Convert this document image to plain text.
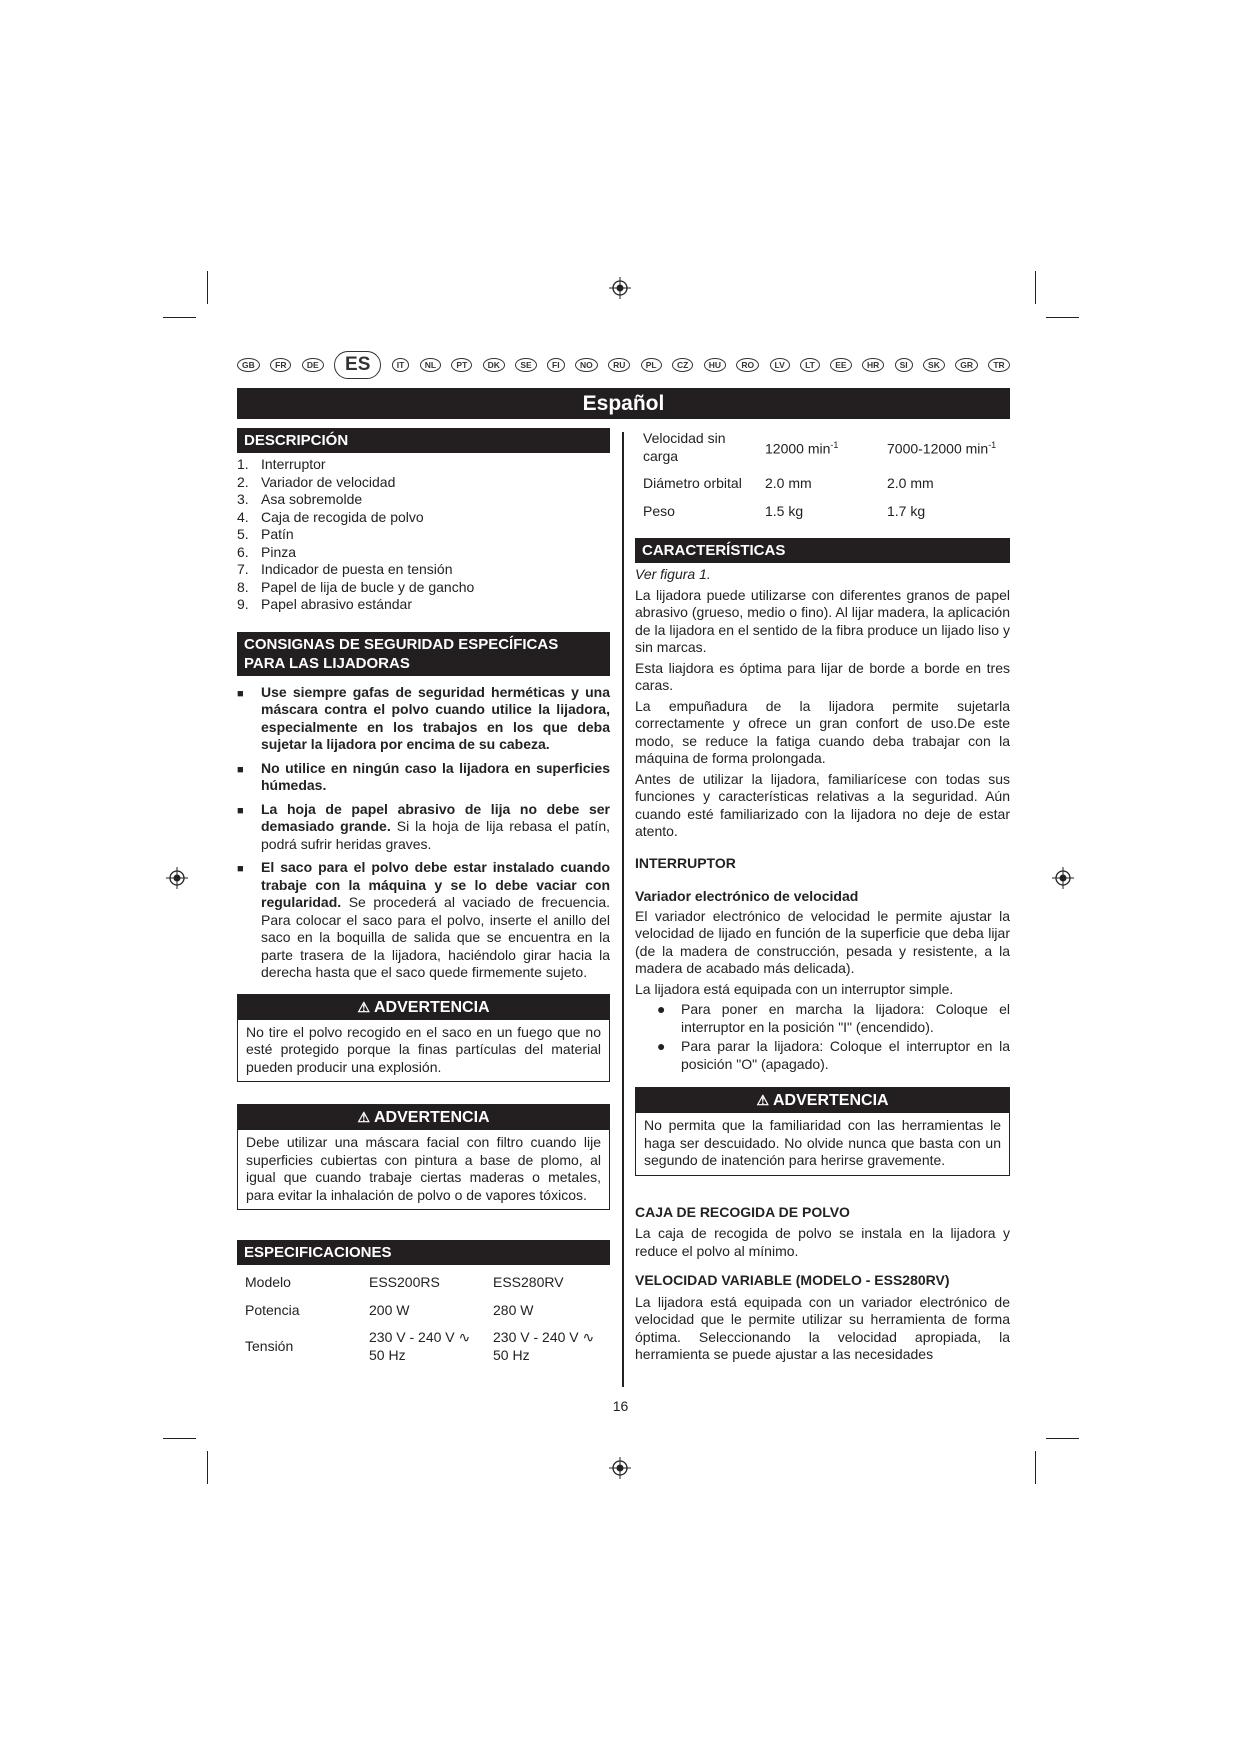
GB	FR	DE	ES	IT	NL	PT	DK	SE	FI	NO	RU	PL	CZ	HU	RO	LV	LT	EE	HR	SI	SK	GR	TR
Español
DESCRIPCIÓN
1. Interruptor
2. Variador de velocidad
3. Asa sobremolde
4. Caja de recogida de polvo
5. Patín
6. Pinza
7. Indicador de puesta en tensión
8. Papel de lija de bucle y de gancho
9. Papel abrasivo estándar
CONSIGNAS DE SEGURIDAD ESPECÍFICAS
PARA LAS LIJADORAS
■	Use siempre gafas de seguridad herméticas y una máscara contra el polvo cuando utilice la lijadora, especialmente en los trabajos en los que deba sujetar la lijadora por encima de su cabeza.
■	No utilice en ningún caso la lijadora en superficies húmedas.
■	La hoja de papel abrasivo de lija no debe ser demasiado grande. Si la hoja de lija rebasa el patín, podrá sufrir heridas graves.
■	El saco para el polvo debe estar instalado cuando trabaje con la máquina y se lo debe vaciar con regularidad. Se procederá al vaciado de frecuencia. Para colocar el saco para el polvo, inserte el anillo del saco en la boquilla de salida que se encuentra en la parte trasera de la lijadora, haciéndolo girar hacia la derecha hasta que el saco quede firmemente sujeto.
⚠ ADVERTENCIA
No tire el polvo recogido en el saco en un fuego que no esté protegido porque la finas partículas del material pueden producir una explosión.
⚠ ADVERTENCIA
Debe utilizar una máscara facial con filtro cuando lije superficies cubiertas con pintura a base de plomo, al igual que cuando trabaje ciertas maderas o metales, para evitar la inhalación de polvo o de vapores tóxicos.
ESPECIFICACIONES
Modelo	ESS200RS	ESS280RV
Potencia	200 W	280 W
Tensión	230 V - 240 V ∿ 50 Hz	230 V - 240 V ∿ 50 Hz
Velocidad sin carga	12000 $\min^{-1}$	7000-12000 $\min^{-1}$
Diámetro orbital	2.0 mm	2.0 mm
Peso	1.5 kg	1.7 kg
CARACTERÍSTICAS

Ver figura 1.

La lijadora puede utilizarse con diferentes granos de papel abrasivo (grueso, medio o fino). Al lijar madera, la aplicación de la lijadora en el sentido de la fibra produce un lijado liso y sin marcas.

Esta liajdora es óptima para lijar de borde a borde en tres caras.

La empuñadura de la lijadora permite sujetarla correctamente y ofrece un gran confort de uso.De este modo, se reduce la fatiga cuando deba trabajar con la máquina de forma prolongada.

Antes de utilizar la lijadora, familiarícese con todas sus funciones y características relativas a la seguridad. Aún cuando esté familiarizado con la lijadora no deje de estar atento.

INTERRUPTOR
Variador electrónico de velocidad

El variador electrónico de velocidad le permite ajustar la velocidad de lijado en función de la superficie que deba lijar (de la madera de construcción, pesada y resistente, a la madera de acabado más delicada).

La lijadora está equipada con un interruptor simple.

●	Para poner en marcha la lijadora: Coloque el interruptor en la posición "I" (encendido).
●	Para parar la lijadora: Coloque el interruptor en la posición "O" (apagado).
⚠ ADVERTENCIA
No permita que la familiaridad con las herramientas le haga ser descuidado. No olvide nunca que basta con un segundo de inatención para herirse gravemente.
CAJA DE RECOGIDA DE POLVO

La caja de recogida de polvo se instala en la lijadora y reduce el polvo al mínimo.

VELOCIDAD VARIABLE (MODELO - ESS280RV)

La lijadora está equipada con un variador electrónico de velocidad que le permite utilizar su herramienta de forma óptima. Seleccionando la velocidad apropiada, la herramienta se puede ajustar a las necesidades

16
